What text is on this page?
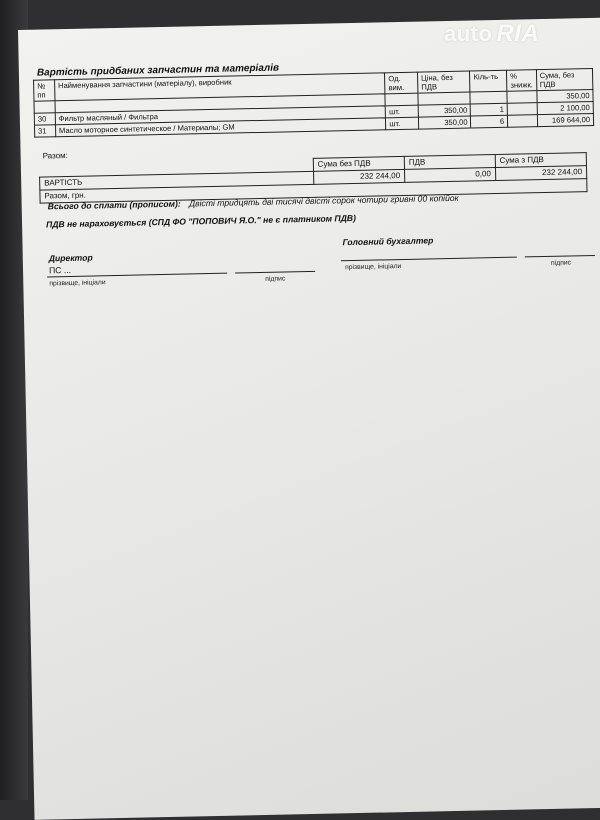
Вартість придбаних запчастин та матеріалів
№ пп	Найменування запчастини (матеріалу), виробник	Од. вим.	Ціна, без ПДВ	Кіль-ть	% знижк.	Сума, без ПДВ
						350,00
30	Фильтр масляный / Фильтра	шт.	350,00	1		2 100,00
31	Масло моторное синтетическое / Материалы; GM	шт.	350,00	6		169 644,00
Разом:
	Сума без ПДВ	ПДВ	Сума з ПДВ
ВАРТІСТЬ	232 244,00	0,00	232 244,00
Разом, грн.			
Всього до сплати (прописом): Двісті тридцять дві тисячі двісті сорок чотири гривні 00 копійок
ПДВ не нараховується (СПД ФО "ПОПОВИЧ Я.О." не є платником ПДВ)
Директор
ПС ...
прізвище, ініціали
підпис
Головний бухгалтер
прізвище, ініціали	підпис
auto RIA
